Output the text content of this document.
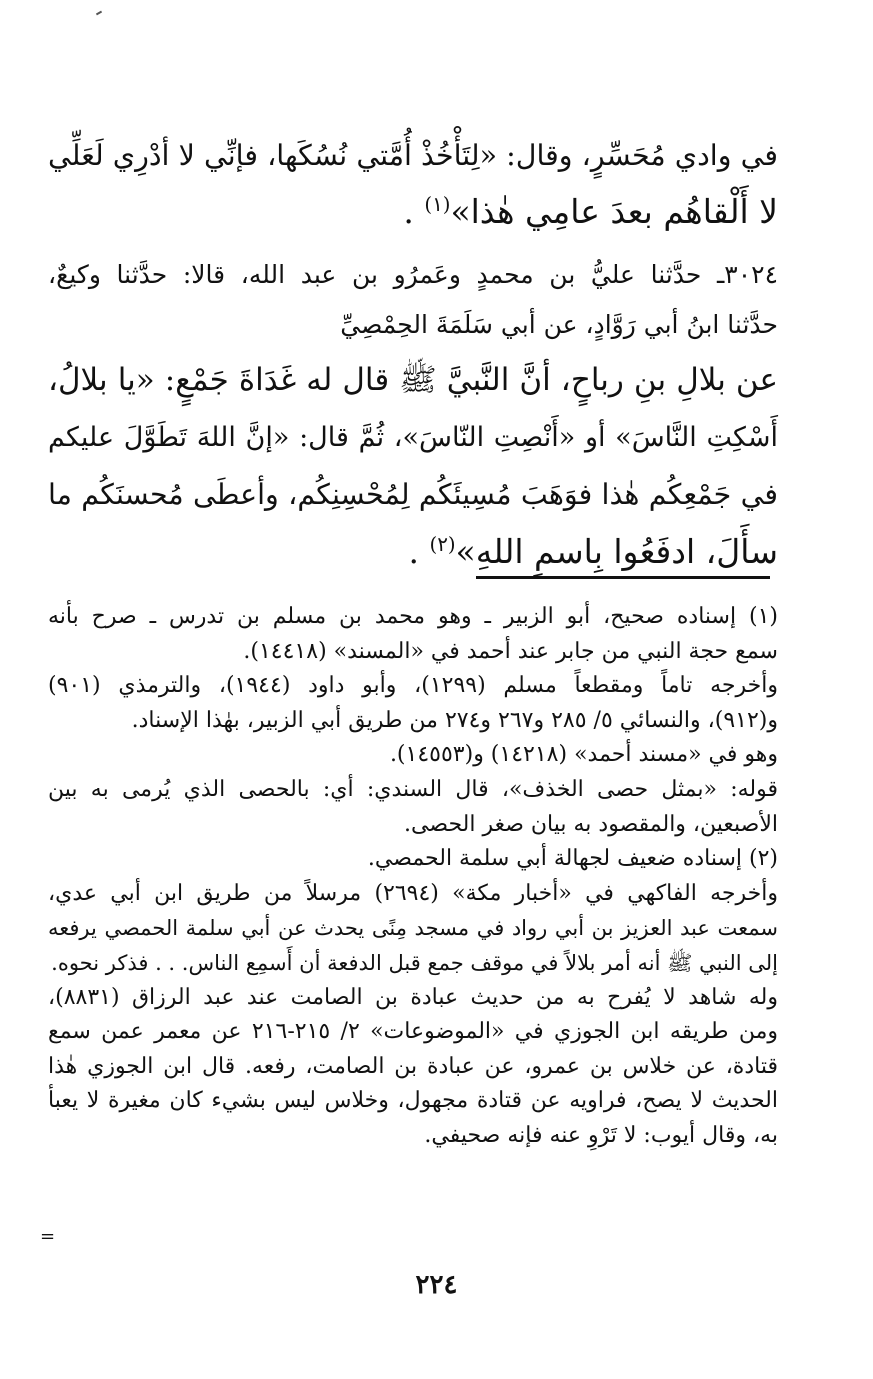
في وادي مُحَسِّرٍ، وقال: «لِتَأْخُذْ أُمَّتي نُسُكَها، فإنِّي لا أدْرِي لَعَلِّي
لا أَلْقاهُم بعدَ عامِي هٰذا»$^{(١)}$ .
٣٠٢٤ـ حدَّثنا عليُّ بن محمدٍ وعَمرُو بن عبد الله، قالا: حدَّثنا وكيعٌ،
حدَّثنا ابنُ أبي رَوَّادٍ، عن أبي سَلَمَةَ الحِمْصِيِّ
عن بلالِ بنِ رباحٍ، أنَّ النَّبيَّ ﷺ قال له غَدَاةَ جَمْعٍ: «يا بلالُ،
أَسْكِتِ النَّاسَ» أو «أَنْصِتِ النّاسَ»، ثُمَّ قال: «إنَّ اللهَ تَطَوَّلَ عليكم
في جَمْعِكُم هٰذا فوَهَبَ مُسِيئَكُم لِمُحْسِنِكُم، وأعطَى مُحسنَكُم ما
سأَلَ، ادفَعُوا بِاسمِ اللهِ»$^{(٢)}$ .
(١) إسناده صحيح، أبو الزبير ـ وهو محمد بن مسلم بن تدرس ـ صرح بأنه
سمع حجة النبي من جابر عند أحمد في «المسند» (١٤٤١٨).
وأخرجه تاماً ومقطعاً مسلم (١٢٩٩)، وأبو داود (١٩٤٤)، والترمذي (٩٠١)
و(٩١٢)، والنسائي ٥/ ٢٨٥ و٢٦٧ و٢٧٤ من طريق أبي الزبير، بهٰذا الإسناد.
وهو في «مسند أحمد» (١٤٢١٨) و(١٤٥٥٣).
قوله: «بمثل حصى الخذف»، قال السندي: أي: بالحصى الذي يُرمى به بين
الأصبعين، والمقصود به بيان صغر الحصى.
(٢) إسناده ضعيف لجهالة أبي سلمة الحمصي.
وأخرجه الفاكهي في «أخبار مكة» (٢٦٩٤) مرسلاً من طريق ابن أبي عدي،
سمعت عبد العزيز بن أبي رواد في مسجد مِنًى يحدث عن أبي سلمة الحمصي يرفعه
إلى النبي ﷺ أنه أمر بلالاً في موقف جمع قبل الدفعة أن أَسمِع الناس. . . فذكر نحوه.
وله شاهد لا يُفرح به من حديث عبادة بن الصامت عند عبد الرزاق (٨٨٣١)،
ومن طريقه ابن الجوزي في «الموضوعات» ٢/ ٢١٥-٢١٦ عن معمر عمن سمع
قتادة، عن خلاس بن عمرو، عن عبادة بن الصامت، رفعه. قال ابن الجوزي هٰذا
الحديث لا يصح، فراويه عن قتادة مجهول، وخلاس ليس بشيء كان مغيرة لا يعبأ
به، وقال أيوب: لا تَرْوِ عنه فإنه صحيفي.
=
٢٢٤
